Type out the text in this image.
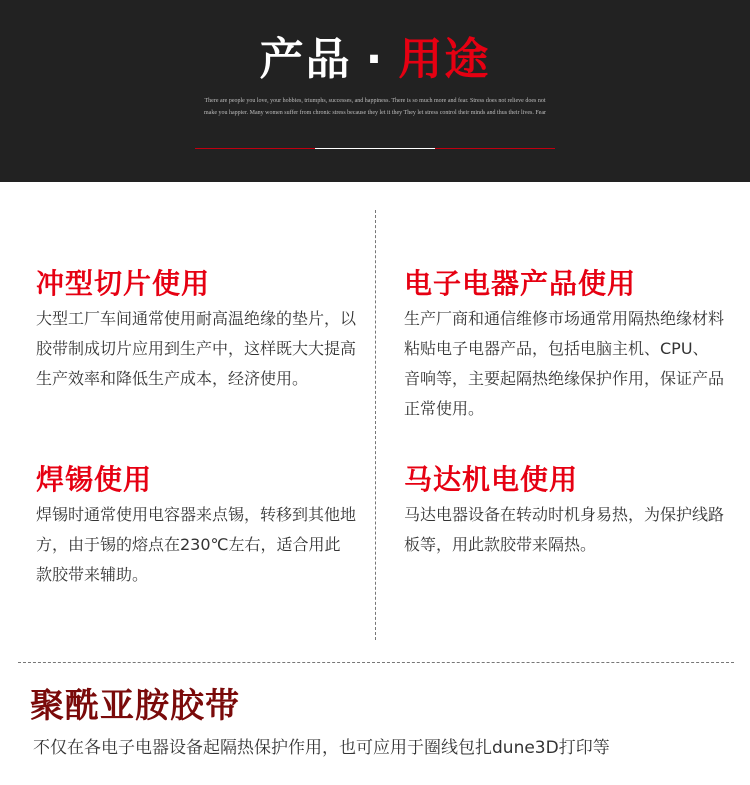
产品 · 用途
There are people you love, your hobbies, triumphs, successes, and happiness. There is so much more and fear. Stress does not relieve does not make you happier. Many women suffer from chronic stress because they let it they They let stress control their minds and thus their lives. Fear
冲型切片使用

大型工厂车间通常使用耐高温绝缘的垫片，以胶带制成切片应用到生产中，这样既大大提高生产效率和降低生产成本，经济使用。

电子电器产品使用

生产厂商和通信维修市场通常用隔热绝缘材料粘贴电子电器产品，包括电脑主机、CPU、音响等，主要起隔热绝缘保护作用，保证产品正常使用。

焊锡使用

焊锡时通常使用电容器来点锡，转移到其他地方，由于锡的熔点在230℃左右，适合用此款胶带来辅助。

马达机电使用

马达电器设备在转动时机身易热，为保护线路板等，用此款胶带来隔热。

聚酰亚胺胶带
不仅在各电子电器设备起隔热保护作用，也可应用于圈线包扎dune3D打印等
